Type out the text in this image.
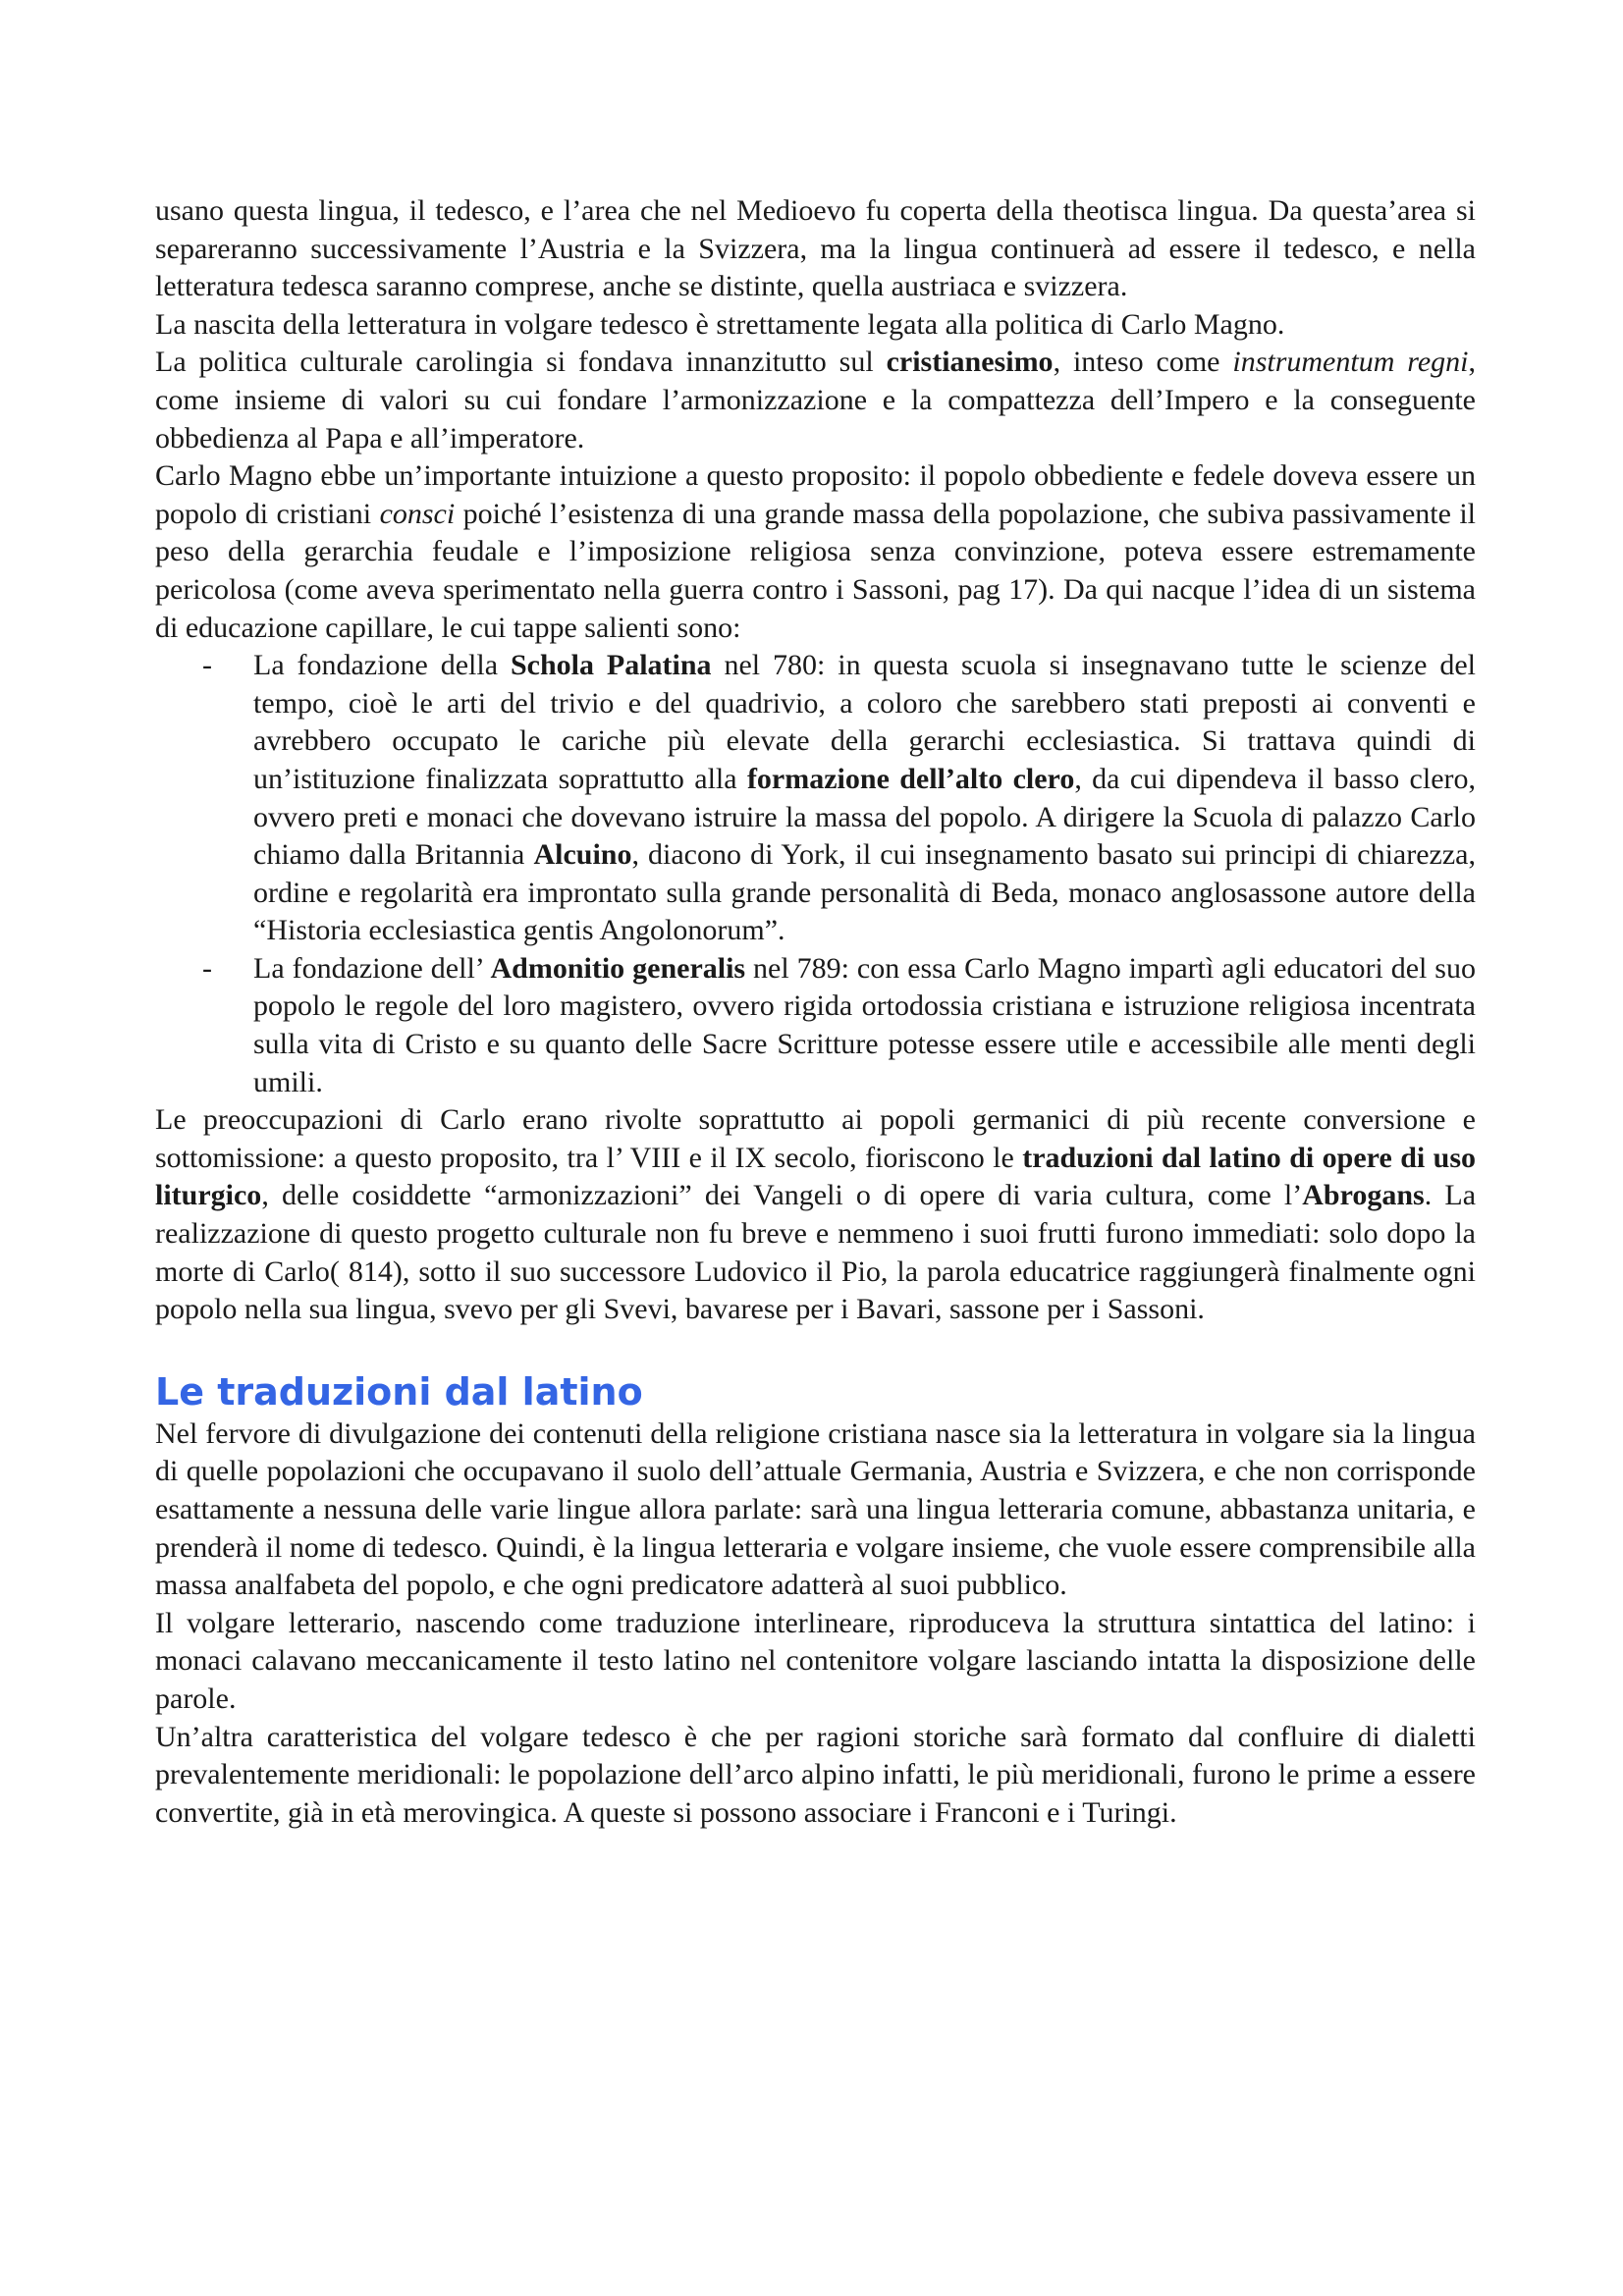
usano questa lingua, il tedesco, e l’area che nel Medioevo fu coperta della theotisca lingua. Da questa’area si separeranno successivamente l’Austria e la Svizzera, ma la lingua continuerà ad essere il tedesco, e nella letteratura tedesca saranno comprese, anche se distinte, quella austriaca e svizzera.

La nascita della letteratura in volgare tedesco è strettamente legata alla politica di Carlo Magno.

La politica culturale carolingia si fondava innanzitutto sul cristianesimo, inteso come instrumentum regni, come insieme di valori su cui fondare l’armonizzazione e la compattezza dell’Impero e la conseguente obbedienza al Papa e all’imperatore.

Carlo Magno ebbe un’importante intuizione a questo proposito: il popolo obbediente e fedele doveva essere un popolo di cristiani consci poiché l’esistenza di una grande massa della popolazione, che subiva passivamente il peso della gerarchia feudale e l’imposizione religiosa senza convinzione, poteva essere estremamente pericolosa (come aveva sperimentato nella guerra contro i Sassoni, pag 17). Da qui nacque l’idea di un sistema di educazione capillare, le cui tappe salienti sono:

- La fondazione della Schola Palatina nel 780: in questa scuola si insegnavano tutte le scienze del tempo, cioè le arti del trivio e del quadrivio, a coloro che sarebbero stati preposti ai conventi e avrebbero occupato le cariche più elevate della gerarchi ecclesiastica. Si trattava quindi di un’istituzione finalizzata soprattutto alla formazione dell’alto clero, da cui dipendeva il basso clero, ovvero preti e monaci che dovevano istruire la massa del popolo. A dirigere la Scuola di palazzo Carlo chiamo dalla Britannia Alcuino, diacono di York, il cui insegnamento basato sui principi di chiarezza, ordine e regolarità era improntato sulla grande personalità di Beda, monaco anglosassone autore della “Historia ecclesiastica gentis Angolonorum”.
- La fondazione dell’ Admonitio generalis nel 789: con essa Carlo Magno impartì agli educatori del suo popolo le regole del loro magistero, ovvero rigida ortodossia cristiana e istruzione religiosa incentrata sulla vita di Cristo e su quanto delle Sacre Scritture potesse essere utile e accessibile alle menti degli umili.

Le preoccupazioni di Carlo erano rivolte soprattutto ai popoli germanici di più recente conversione e sottomissione: a questo proposito, tra l’ VIII e il IX secolo, fioriscono le traduzioni dal latino di opere di uso liturgico, delle cosiddette “armonizzazioni” dei Vangeli o di opere di varia cultura, come l’Abrogans. La realizzazione di questo progetto culturale non fu breve e nemmeno i suoi frutti furono immediati: solo dopo la morte di Carlo( 814), sotto il suo successore Ludovico il Pio, la parola educatrice raggiungerà finalmente ogni popolo nella sua lingua, svevo per gli Svevi, bavarese per i Bavari, sassone per i Sassoni.

Le traduzioni dal latino

Nel fervore di divulgazione dei contenuti della religione cristiana nasce sia la letteratura in volgare sia la lingua di quelle popolazioni che occupavano il suolo dell’attuale Germania, Austria e Svizzera, e che non corrisponde esattamente a nessuna delle varie lingue allora parlate: sarà una lingua letteraria comune, abbastanza unitaria, e prenderà il nome di tedesco. Quindi, è la lingua letteraria e volgare insieme, che vuole essere comprensibile alla massa analfabeta del popolo, e che ogni predicatore adatterà al suoi pubblico.

Il volgare letterario, nascendo come traduzione interlineare, riproduceva la struttura sintattica del latino: i monaci calavano meccanicamente il testo latino nel contenitore volgare lasciando intatta la disposizione delle parole.

Un’altra caratteristica del volgare tedesco è che per ragioni storiche sarà formato dal confluire di dialetti prevalentemente meridionali: le popolazione dell’arco alpino infatti, le più meridionali, furono le prime a essere convertite, già in età merovingica. A queste si possono associare i Franconi e i Turingi.
